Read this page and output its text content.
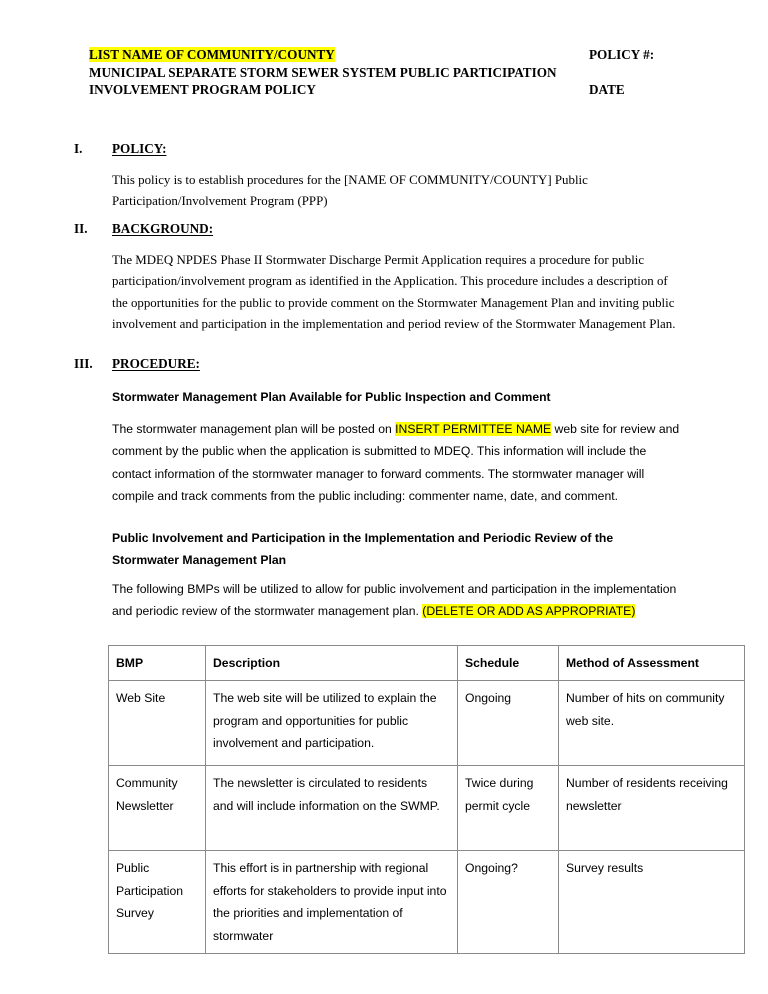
LIST NAME OF COMMUNITY/COUNTY	POLICY #:
MUNICIPAL SEPARATE STORM SEWER SYSTEM PUBLIC PARTICIPATION
INVOLVEMENT PROGRAM POLICY	DATE
I.	POLICY:
This policy is to establish procedures for the [NAME OF COMMUNITY/COUNTY] Public Participation/Involvement Program (PPP)
II.	BACKGROUND:
The MDEQ NPDES Phase II Stormwater Discharge Permit Application requires a procedure for public participation/involvement program as identified in the Application. This procedure includes a description of the opportunities for the public to provide comment on the Stormwater Management Plan and inviting public involvement and participation in the implementation and period review of the Stormwater Management Plan.
III.	PROCEDURE:
Stormwater Management Plan Available for Public Inspection and Comment
The stormwater management plan will be posted on INSERT PERMITTEE NAME web site for review and comment by the public when the application is submitted to MDEQ. This information will include the contact information of the stormwater manager to forward comments. The stormwater manager will compile and track comments from the public including: commenter name, date, and comment.
Public Involvement and Participation in the Implementation and Periodic Review of the Stormwater Management Plan
The following BMPs will be utilized to allow for public involvement and participation in the implementation and periodic review of the stormwater management plan. (DELETE OR ADD AS APPROPRIATE)
BMP	Description	Schedule	Method of Assessment
Web Site	The web site will be utilized to explain the program and opportunities for public involvement and participation.	Ongoing	Number of hits on community web site.
Community Newsletter	The newsletter is circulated to residents and will include information on the SWMP.	Twice during permit cycle	Number of residents receiving newsletter
Public Participation Survey	This effort is in partnership with regional efforts for stakeholders to provide input into the priorities and implementation of stormwater	Ongoing?	Survey results
